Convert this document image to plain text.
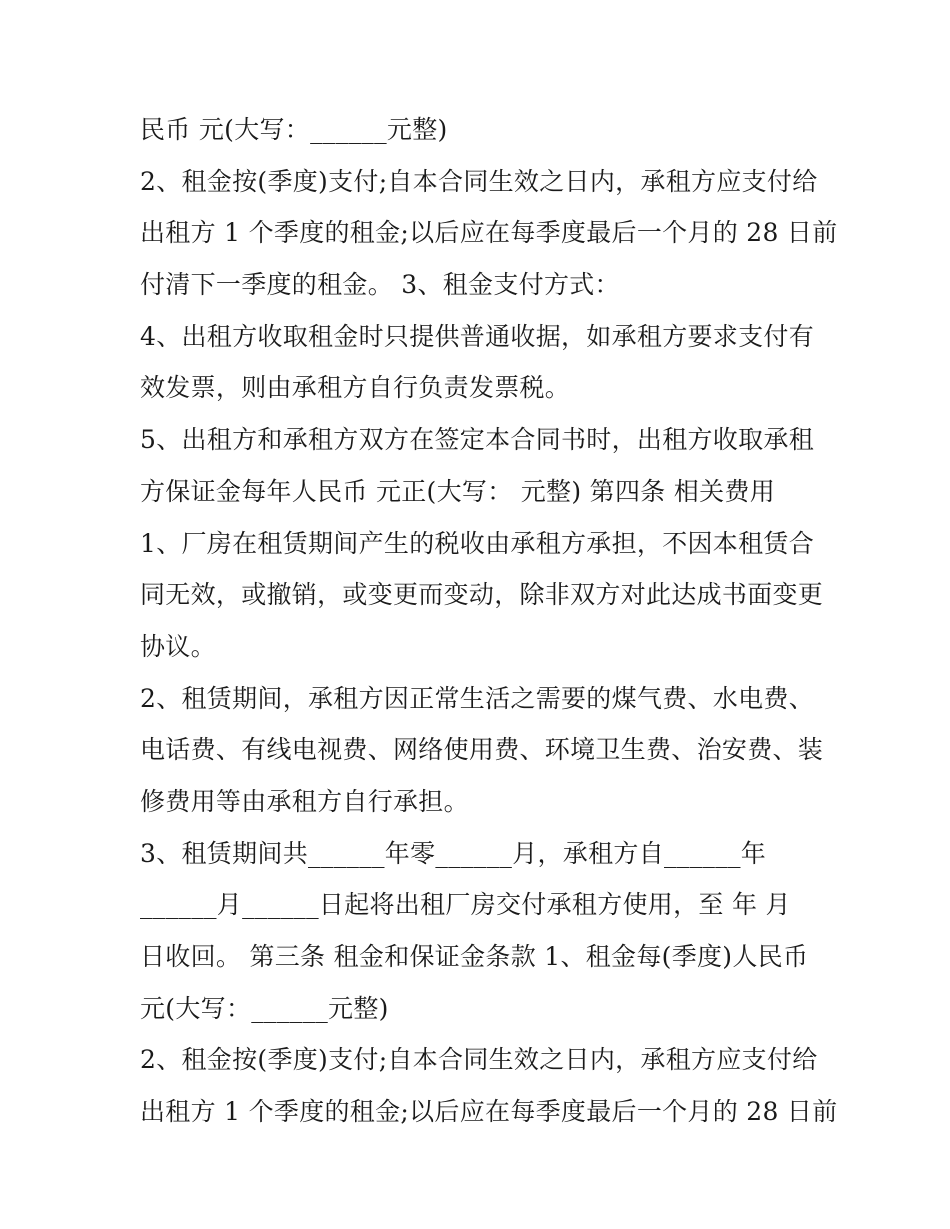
民币 元(大写：______元整)
2、租金按(季度)支付;自本合同生效之日内，承租方应支付给
出租方 1 个季度的租金;以后应在每季度最后一个月的 28 日前
付清下一季度的租金。 3、租金支付方式：
4、出租方收取租金时只提供普通收据，如承租方要求支付有
效发票，则由承租方自行负责发票税。
5、出租方和承租方双方在签定本合同书时，出租方收取承租
方保证金每年人民币 元正(大写： 元整) 第四条 相关费用
1、厂房在租赁期间产生的税收由承租方承担，不因本租赁合
同无效，或撤销，或变更而变动，除非双方对此达成书面变更
协议。
2、租赁期间，承租方因正常生活之需要的煤气费、水电费、
电话费、有线电视费、网络使用费、环境卫生费、治安费、装
修费用等由承租方自行承担。
3、租赁期间共______年零______月，承租方自______年
______月______日起将出租厂房交付承租方使用，至 年 月
日收回。 第三条 租金和保证金条款 1、租金每(季度)人民币
元(大写：______元整)
2、租金按(季度)支付;自本合同生效之日内，承租方应支付给
出租方 1 个季度的租金;以后应在每季度最后一个月的 28 日前
